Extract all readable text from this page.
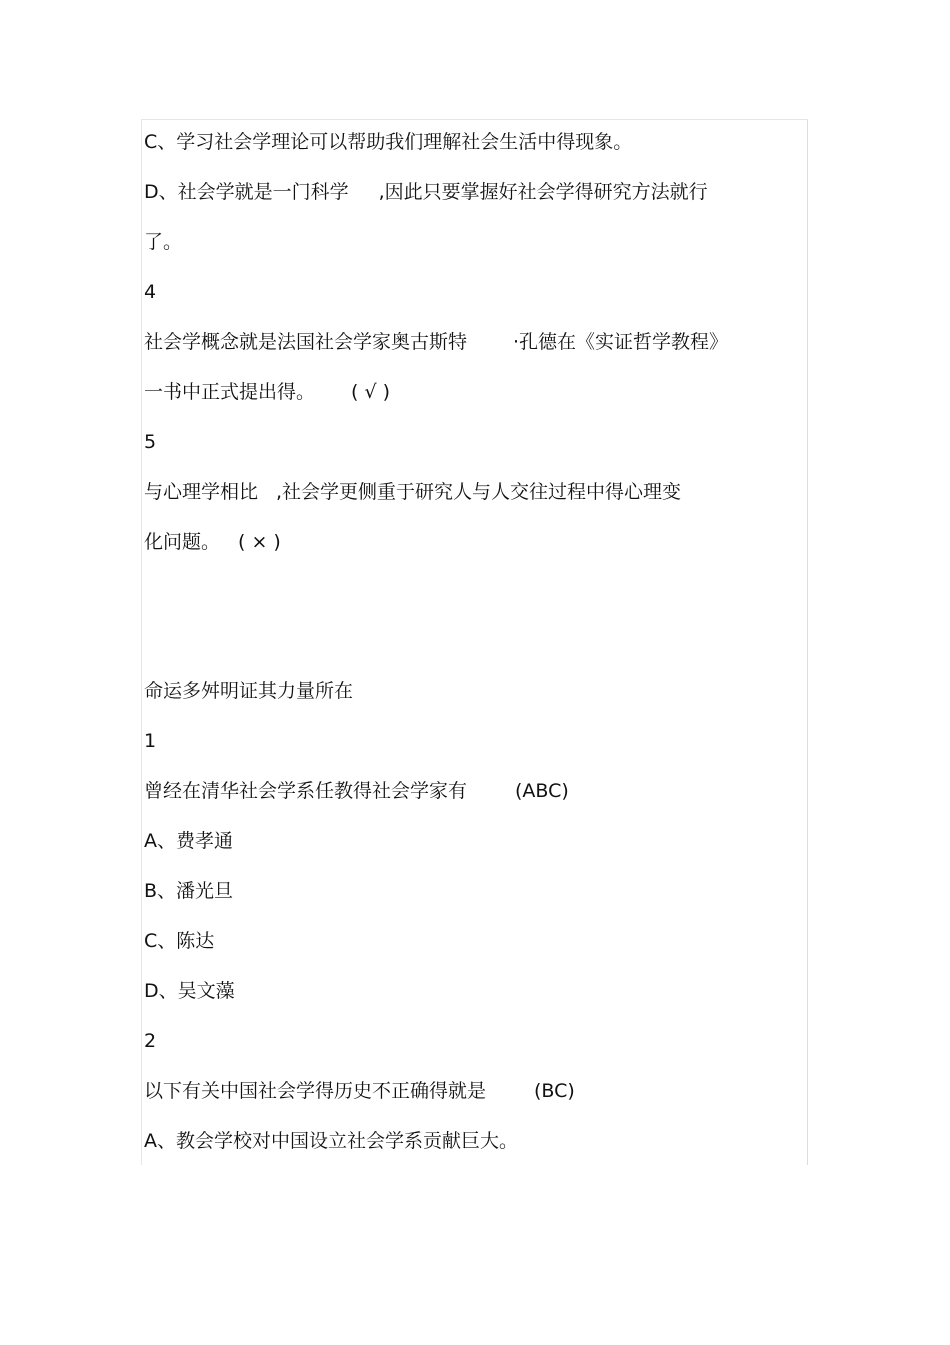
C、学习社会学理论可以帮助我们理解社会生活中得现象。

D、社会学就是一门科学 ,因此只要掌握好社会学得研究方法就行

了。

4

社会学概念就是法国社会学家奥古斯特 ·孔德在《实证哲学教程》

一书中正式提出得。 ( √ )

5

与心理学相比 ,社会学更侧重于研究人与人交往过程中得心理变

化问题。 ( × )

命运多舛明证其力量所在

1

曾经在清华社会学系任教得社会学家有	(ABC)

A、费孝通

B、潘光旦

C、陈达

D、吴文藻

2

以下有关中国社会学得历史不正确得就是	(BC)

A、教会学校对中国设立社会学系贡献巨大。
